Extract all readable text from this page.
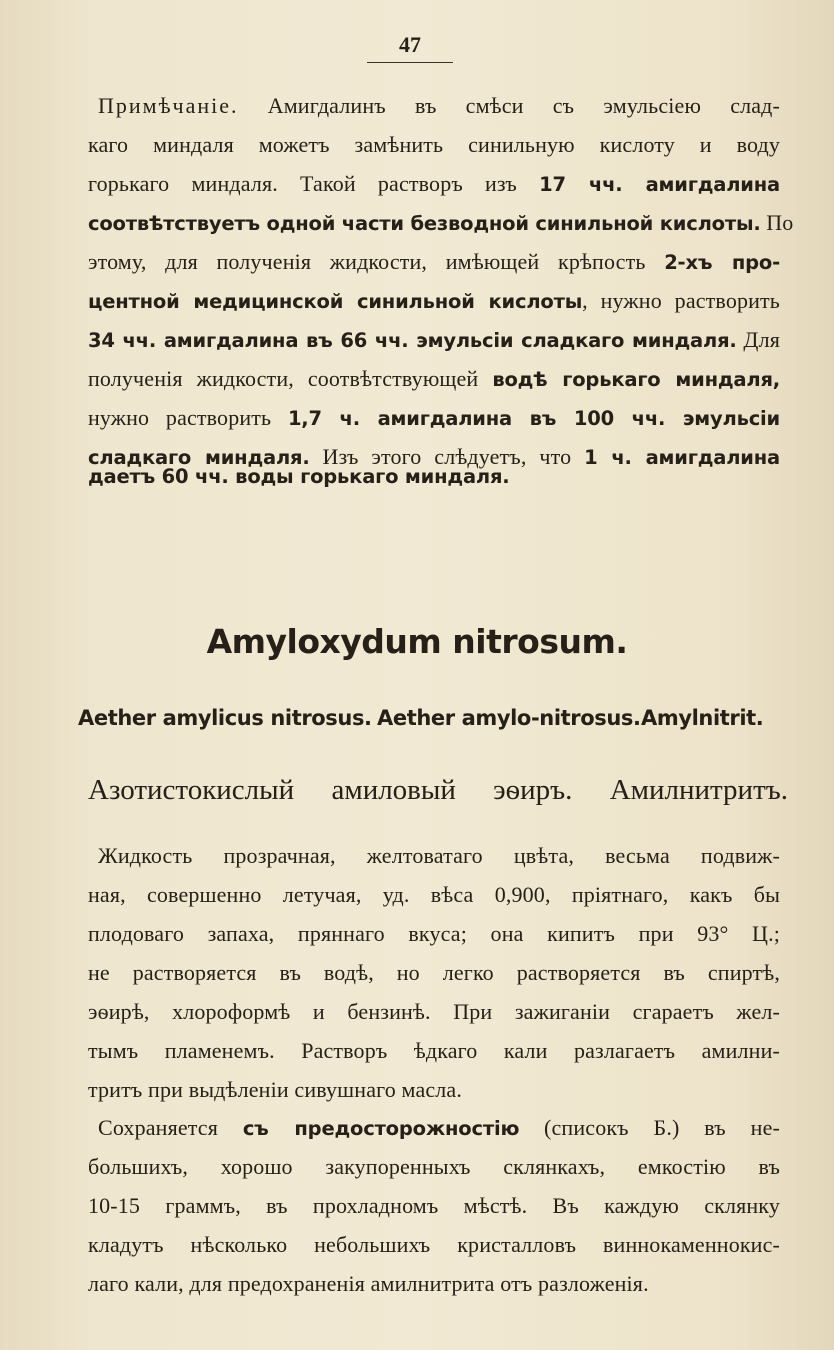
47
Примѣчаніе. Амигдалинъ въ смѣси съ эмульсіею слад-
каго миндаля можетъ замѣнить синильную кислоту и воду
горькаго миндаля. Такой растворъ изъ 17 чч. амигдалина
соотвѣтствуетъ одной части безводной синильной кислоты. По
этому, для полученія жидкости, имѣющей крѣпость 2-хъ про-
центной медицинской синильной кислоты, нужно растворить
34 чч. амигдалина въ 66 чч. эмульсіи сладкаго миндаля. Для
полученія жидкости, соотвѣтствующей водѣ горькаго миндаля,
нужно растворить 1,7 ч. амигдалина въ 100 чч. эмульсіи
сладкаго миндаля. Изъ этого слѣдуетъ, что 1 ч. амигдалина
даетъ 60 чч. воды горькаго миндаля.
Amyloxydum nitrosum.
Aether amylicus nitrosus. Aether amylo-nitrosus. Amylnitrit.
Азотистокислый амиловый эѳиръ. Амилнитритъ.
Жидкость прозрачная, желтоватаго цвѣта, весьма подвиж-
ная, совершенно летучая, уд. вѣса 0,900, пріятнаго, какъ бы
плодоваго запаха, пряннаго вкуса; она кипитъ при 93° Ц.;
не растворяется въ водѣ, но легко растворяется въ спиртѣ,
эѳирѣ, хлороформѣ и бензинѣ. При зажиганіи сгараетъ жел-
тымъ пламенемъ. Растворъ ѣдкаго кали разлагаетъ амилни-
тритъ при выдѣленіи сивушнаго масла.
Сохраняется съ предосторожностію (списокъ Б.) въ не-
большихъ, хорошо закупоренныхъ склянкахъ, емкостію въ
10-15 граммъ, въ прохладномъ мѣстѣ. Въ каждую склянку
кладутъ нѣсколько небольшихъ кристалловъ виннокаменнокис-
лаго кали, для предохраненія амилнитрита отъ разложенія.
